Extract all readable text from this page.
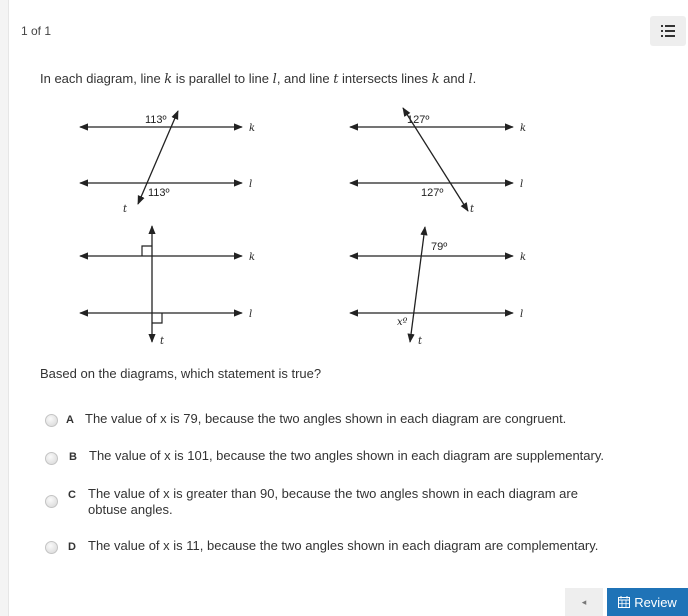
1 of 1
In each diagram, line k is parallel to line l, and line t intersects lines k and l.
113º
113º
k
l
t
127º
127º
k
l
t
k
l
t
79º
xº
k
l
t
Based on the diagrams, which statement is true?
A The value of x is 79, because the two angles shown in each diagram are congruent.
B The value of x is 101, because the two angles shown in each diagram are supplementary.
C The value of x is greater than 90, because the two angles shown in each diagram are obtuse angles.
D The value of x is 11, because the two angles shown in each diagram are complementary.
◂	Review
